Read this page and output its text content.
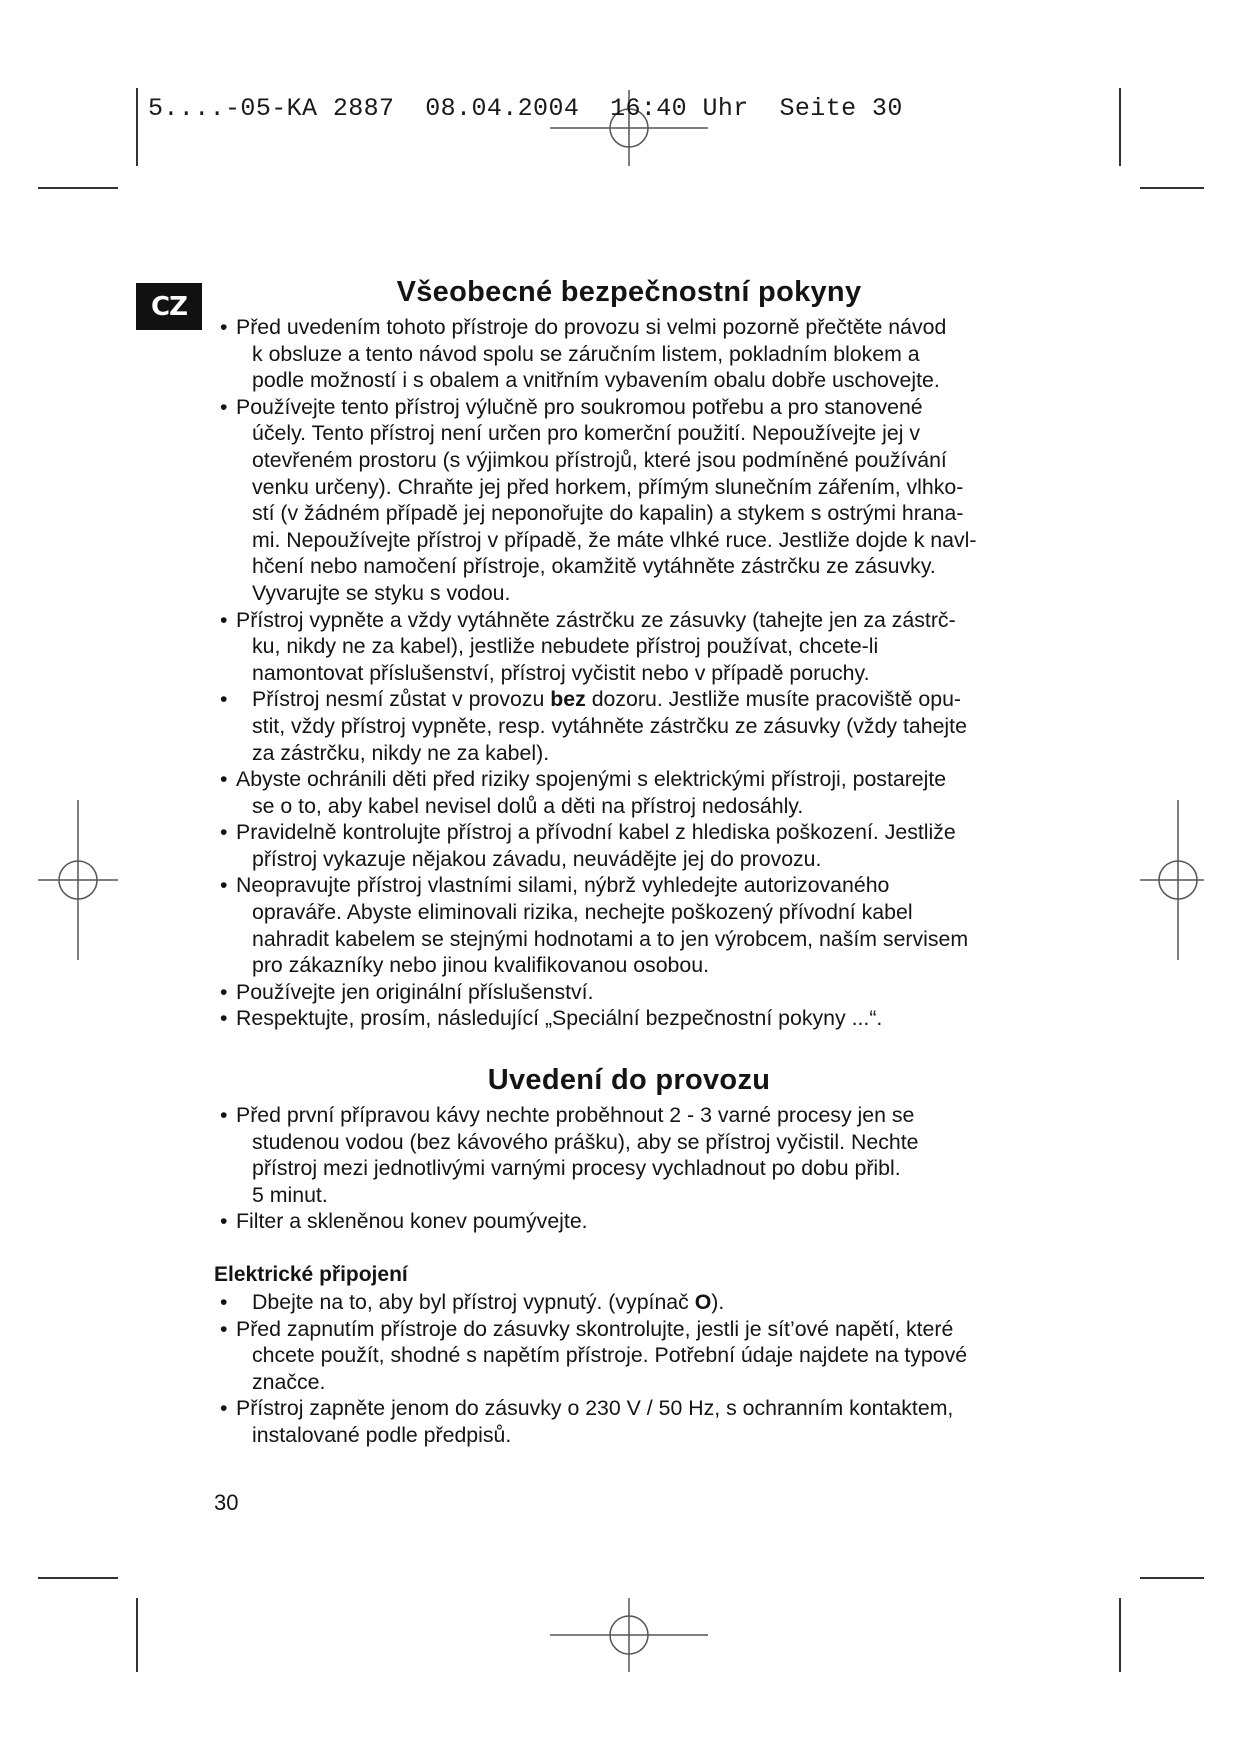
5....-05-KA 2887  08.04.2004  16:40 Uhr  Seite 30
CZ	Všeobecné bezpečnostní pokyny
• Před uvedením tohoto přístroje do provozu si velmi pozorně přečtěte návod
k obsluze a tento návod spolu se záručním listem, pokladním blokem a
podle možností i s obalem a vnitřním vybavením obalu dobře uschovejte.
• Používejte tento přístroj výlučně pro soukromou potřebu a pro stanovené
účely. Tento přístroj není určen pro komerční použití. Nepoužívejte jej v
otevřeném prostoru (s výjimkou přístrojů, které jsou podmíněné používání
venku určeny). Chraňte jej před horkem, přímým slunečním zářením, vlhko-
stí (v žádném případě jej neponořujte do kapalin) a stykem s ostrými hrana-
mi. Nepoužívejte přístroj v případě, že máte vlhké ruce. Jestliže dojde k navl-
hčení nebo namočení přístroje, okamžitě vytáhněte zástrčku ze zásuvky.
Vyvarujte se styku s vodou.
• Přístroj vypněte a vždy vytáhněte zástrčku ze zásuvky (tahejte jen za zástrč-
ku, nikdy ne za kabel), jestliže nebudete přístroj používat, chcete-li
namontovat příslušenství, přístroj vyčistit nebo v případě poruchy.
• Přístroj nesmí zůstat v provozu bez dozoru. Jestliže musíte pracoviště opu-
stit, vždy přístroj vypněte, resp. vytáhněte zástrčku ze zásuvky (vždy tahejte
za zástrčku, nikdy ne za kabel).
• Abyste ochránili děti před riziky spojenými s elektrickými přístroji, postarejte
se o to, aby kabel nevisel dolů a děti na přístroj nedosáhly.
• Pravidelně kontrolujte přístroj a přívodní kabel z hlediska poškození. Jestliže
přístroj vykazuje nějakou závadu, neuvádějte jej do provozu.
• Neopravujte přístroj vlastními silami, nýbrž vyhledejte autorizovaného
opraváře. Abyste eliminovali rizika, nechejte poškozený přívodní kabel
nahradit kabelem se stejnými hodnotami a to jen výrobcem, naším servisem
pro zákazníky nebo jinou kvalifikovanou osobou.
• Používejte jen originální příslušenství.
• Respektujte, prosím, následující „Speciální bezpečnostní pokyny ...“.
Uvedení do provozu
• Před první přípravou kávy nechte proběhnout 2 - 3 varné procesy jen se
studenou vodou (bez kávového prášku), aby se přístroj vyčistil. Nechte
přístroj mezi jednotlivými varnými procesy vychladnout po dobu přibl.
5 minut.
• Filter a skleněnou konev poumývejte.
Elektrické připojení
• Dbejte na to, aby byl přístroj vypnutý. (vypínač O).
• Před zapnutím přístroje do zásuvky skontrolujte, jestli je sít’ové napětí, které
chcete použít, shodné s napětím přístroje. Potřební údaje najdete na typové
značce.
• Přístroj zapněte jenom do zásuvky o 230 V / 50 Hz, s ochranním kontaktem,
instalované podle předpisů.
30
